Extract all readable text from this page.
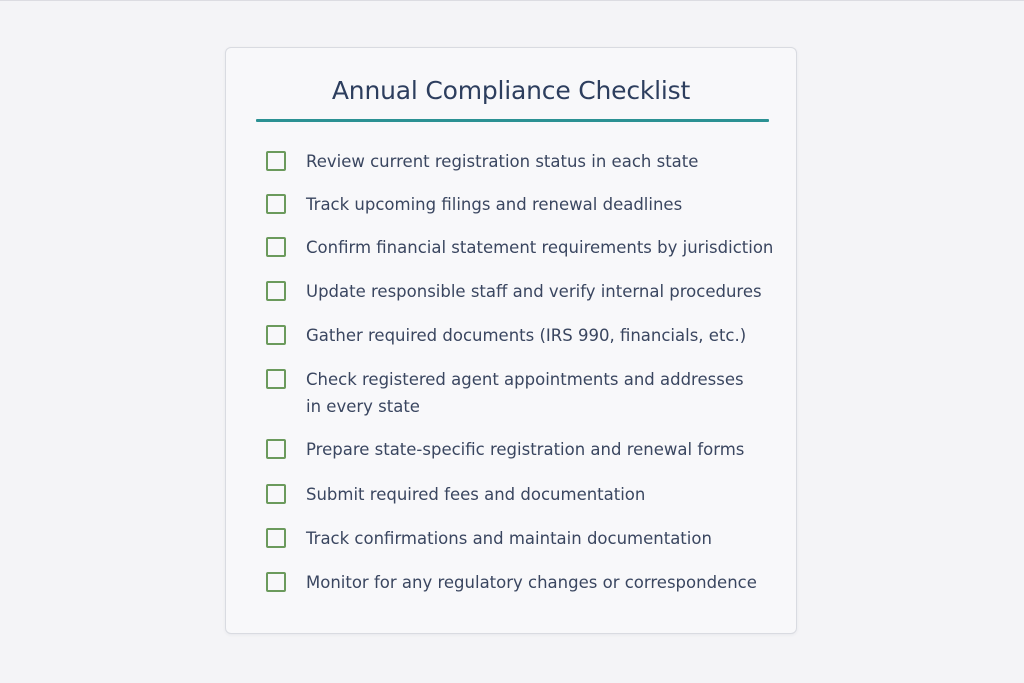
Annual Compliance Checklist
Review current registration status in each state
Track upcoming filings and renewal deadlines
Confirm financial statement requirements by jurisdiction
Update responsible staff and verify internal procedures
Gather required documents (IRS 990, financials, etc.)
Check registered agent appointments and addresses in every state
Prepare state-specific registration and renewal forms
Submit required fees and documentation
Track confirmations and maintain documentation
Monitor for any regulatory changes or correspondence
